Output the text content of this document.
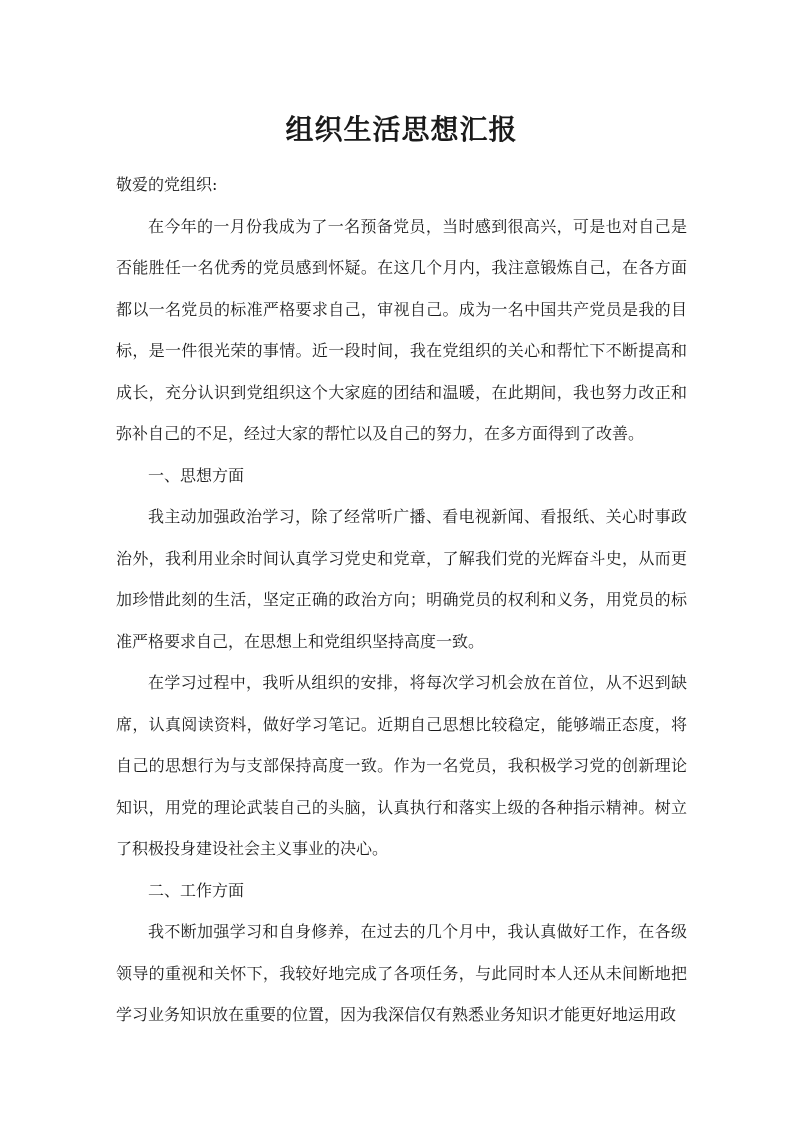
组织生活思想汇报

敬爱的党组织:

在今年的一月份我成为了一名预备党员，当时感到很高兴，可是也对自己是否能胜任一名优秀的党员感到怀疑。在这几个月内，我注意锻炼自己，在各方面都以一名党员的标准严格要求自己，审视自己。成为一名中国共产党员是我的目标，是一件很光荣的事情。近一段时间，我在党组织的关心和帮忙下不断提高和成长，充分认识到党组织这个大家庭的团结和温暖，在此期间，我也努力改正和弥补自己的不足，经过大家的帮忙以及自己的努力，在多方面得到了改善。

一、思想方面

我主动加强政治学习，除了经常听广播、看电视新闻、看报纸、关心时事政治外，我利用业余时间认真学习党史和党章，了解我们党的光辉奋斗史，从而更加珍惜此刻的生活，坚定正确的政治方向；明确党员的权利和义务，用党员的标准严格要求自己，在思想上和党组织坚持高度一致。

在学习过程中，我听从组织的安排，将每次学习机会放在首位，从不迟到缺席，认真阅读资料，做好学习笔记。近期自己思想比较稳定，能够端正态度，将自己的思想行为与支部保持高度一致。作为一名党员，我积极学习党的创新理论知识，用党的理论武装自己的头脑，认真执行和落实上级的各种指示精神。树立了积极投身建设社会主义事业的决心。

二、工作方面

我不断加强学习和自身修养，在过去的几个月中，我认真做好工作，在各级领导的重视和关怀下，我较好地完成了各项任务，与此同时本人还从未间断地把学习业务知识放在重要的位置，因为我深信仅有熟悉业务知识才能更好地运用政
